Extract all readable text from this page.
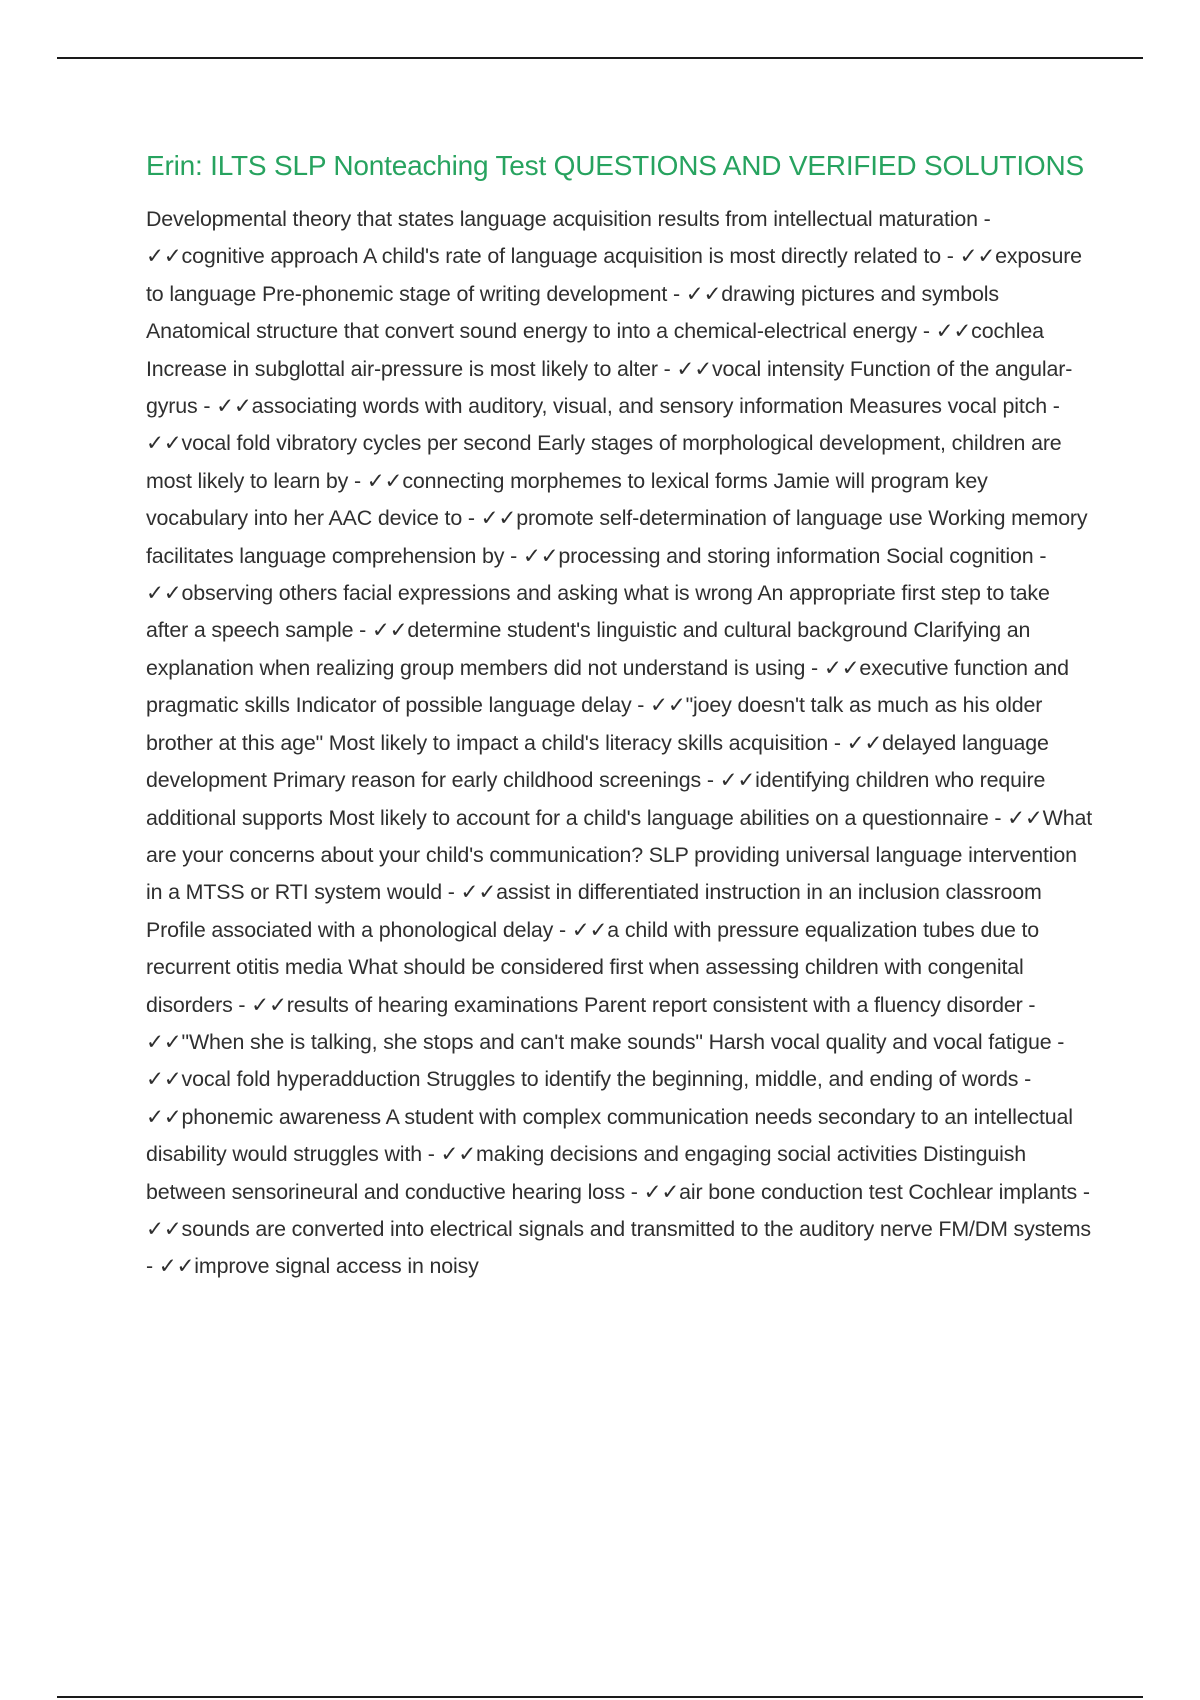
Erin: ILTS SLP Nonteaching Test QUESTIONS AND VERIFIED SOLUTIONS

Developmental theory that states language acquisition results from intellectual maturation - ✓✓cognitive approach A child's rate of language acquisition is most directly related to - ✓✓exposure to language Pre-phonemic stage of writing development - ✓✓drawing pictures and symbols Anatomical structure that convert sound energy to into a chemical-electrical energy - ✓✓cochlea Increase in subglottal air-pressure is most likely to alter - ✓✓vocal intensity Function of the angular-gyrus - ✓✓associating words with auditory, visual, and sensory information Measures vocal pitch - ✓✓vocal fold vibratory cycles per second Early stages of morphological development, children are most likely to learn by - ✓✓connecting morphemes to lexical forms Jamie will program key vocabulary into her AAC device to - ✓✓promote self-determination of language use Working memory facilitates language comprehension by - ✓✓processing and storing information Social cognition - ✓✓observing others facial expressions and asking what is wrong An appropriate first step to take after a speech sample - ✓✓determine student's linguistic and cultural background Clarifying an explanation when realizing group members did not understand is using - ✓✓executive function and pragmatic skills Indicator of possible language delay - ✓✓"joey doesn't talk as much as his older brother at this age" Most likely to impact a child's literacy skills acquisition - ✓✓delayed language development Primary reason for early childhood screenings - ✓✓identifying children who require additional supports Most likely to account for a child's language abilities on a questionnaire - ✓✓What are your concerns about your child's communication? SLP providing universal language intervention in a MTSS or RTI system would - ✓✓assist in differentiated instruction in an inclusion classroom Profile associated with a phonological delay - ✓✓a child with pressure equalization tubes due to recurrent otitis media What should be considered first when assessing children with congenital disorders - ✓✓results of hearing examinations Parent report consistent with a fluency disorder - ✓✓"When she is talking, she stops and can't make sounds" Harsh vocal quality and vocal fatigue - ✓✓vocal fold hyperadduction Struggles to identify the beginning, middle, and ending of words - ✓✓phonemic awareness A student with complex communication needs secondary to an intellectual disability would struggles with - ✓✓making decisions and engaging social activities Distinguish between sensorineural and conductive hearing loss - ✓✓air bone conduction test Cochlear implants - ✓✓sounds are converted into electrical signals and transmitted to the auditory nerve FM/DM systems - ✓✓improve signal access in noisy
